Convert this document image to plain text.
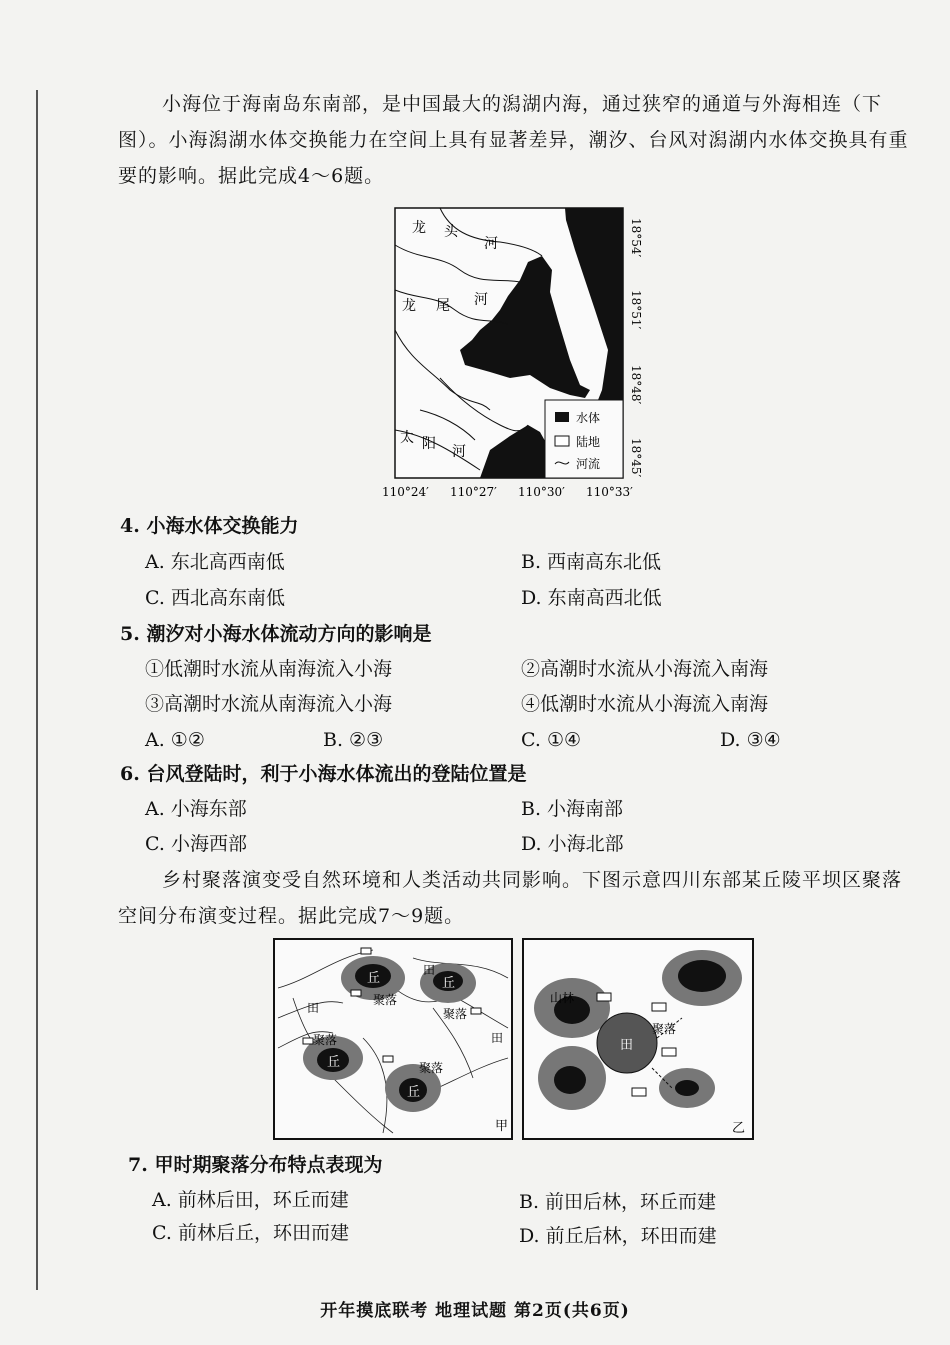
小海位于海南岛东南部，是中国最大的潟湖内海，通过狭窄的通道与外海相连（下图）。小海潟湖水体交换能力在空间上具有显著差异，潮汐、台风对潟湖内水体交换具有重要的影响。据此完成4～6题。
龙 头
河
龙 尾 河
太 阳 河
水体
陆地
河流
18°54′
18°51′
18°48′
18°45′
110°24′ 110°27′ 110°30′ 110°33′
4. 小海水体交换能力
A. 东北高西南低	B. 西南高东北低
C. 西北高东南低	D. 东南高西北低
5. 潮汐对小海水体流动方向的影响是
①低潮时水流从南海流入小海	②高潮时水流从小海流入南海
③高潮时水流从南海流入小海	④低潮时水流从小海流入南海
A. ①②	B. ②③	C. ①④	D. ③④
6. 台风登陆时，利于小海水体流出的登陆位置是
A. 小海东部	B. 小海南部
C. 小海西部	D. 小海北部
乡村聚落演变受自然环境和人类活动共同影响。下图示意四川东部某丘陵平坝区聚落空间分布演变过程。据此完成7～9题。
丘	丘
丘
丘
聚落
聚落
聚落
聚落
田
田
田
甲
田
山林
聚落
乙
7. 甲时期聚落分布特点表现为
A. 前林后田，环丘而建	B. 前田后林，环丘而建
C. 前林后丘，环田而建	D. 前丘后林，环田而建
开年摸底联考 地理试题 第2页(共6页)
